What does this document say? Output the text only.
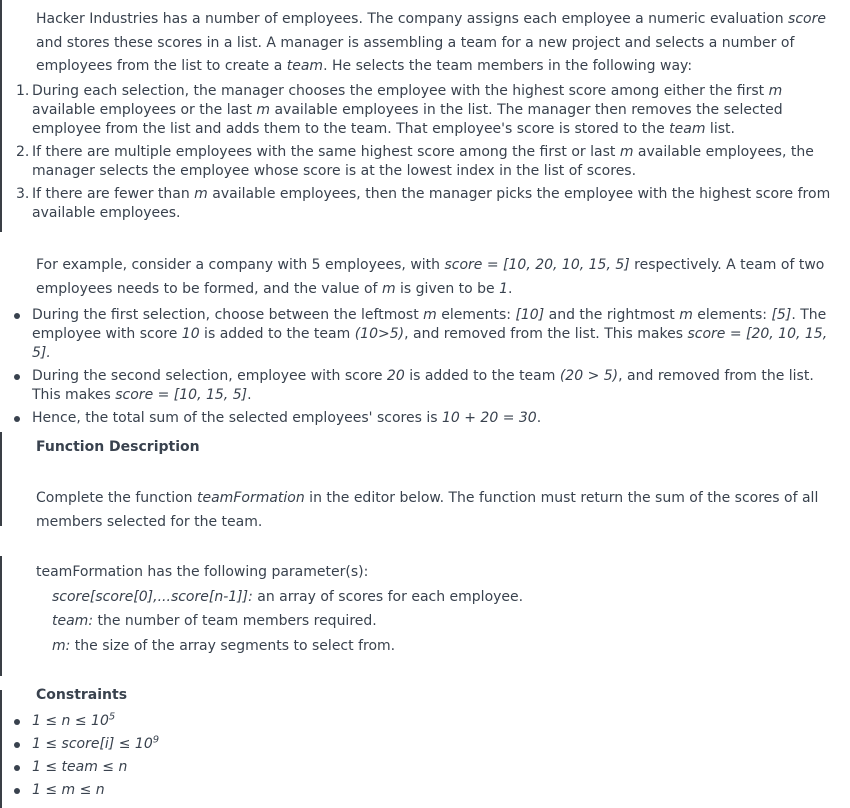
Hacker Industries has a number of employees. The company assigns each employee a numeric evaluation score and stores these scores in a list. A manager is assembling a team for a new project and selects a number of employees from the list to create a team. He selects the team members in the following way:

1. During each selection, the manager chooses the employee with the highest score among either the first m available employees or the last m available employees in the list. The manager then removes the selected employee from the list and adds them to the team. That employee's score is stored to the team list.
2. If there are multiple employees with the same highest score among the first or last m available employees, the manager selects the employee whose score is at the lowest index in the list of scores.
3. If there are fewer than m available employees, then the manager picks the employee with the highest score from available employees.

For example, consider a company with 5 employees, with score = [10, 20, 10, 15, 5] respectively. A team of two employees needs to be formed, and the value of m is given to be 1.

During the first selection, choose between the leftmost m elements: [10] and the rightmost m elements: [5]. The employee with score 10 is added to the team (10>5), and removed from the list. This makes score = [20, 10, 15, 5].
During the second selection, employee with score 20 is added to the team (20 > 5), and removed from the list. This makes score = [10, 15, 5].
Hence, the total sum of the selected employees' scores is 10 + 20 = 30.
Function Description

Complete the function teamFormation in the editor below. The function must return the sum of the scores of all members selected for the team.

teamFormation has the following parameter(s):

score[score[0],...score[n-1]]: an array of scores for each employee.
team: the number of team members required.
m: the size of the array segments to select from.
Constraints
$1 \le n \le 10^5$
1 ≤ score[i] ≤ $10^9$
1 ≤ team ≤ n
1 ≤ m ≤ n
